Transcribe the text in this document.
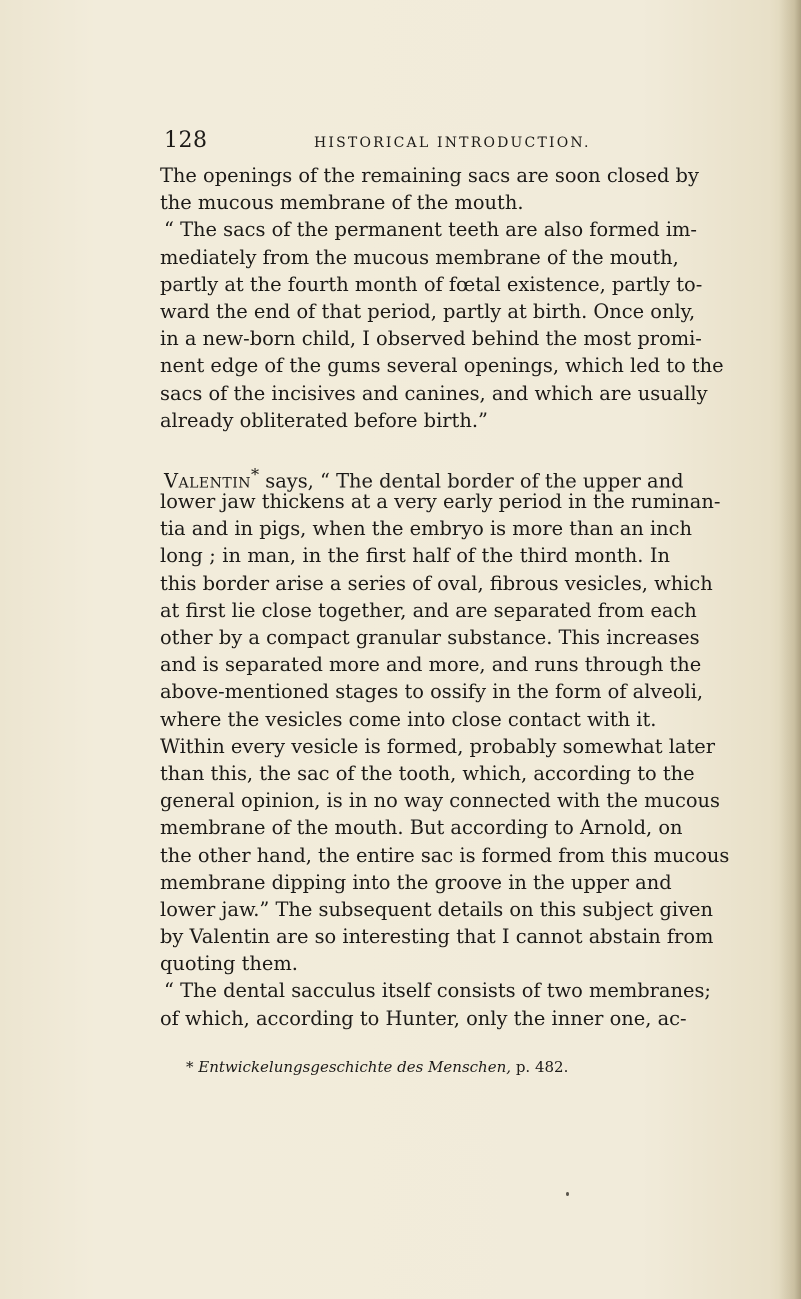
128	HISTORICAL INTRODUCTION.
The openings of the remaining sacs are soon closed by
the mucous membrane of the mouth.
“ The sacs of the permanent teeth are also formed im-
mediately from the mucous membrane of the mouth,
partly at the fourth month of fœtal existence, partly to-
ward the end of that period, partly at birth. Once only,
in a new-born child, I observed behind the most promi-
nent edge of the gums several openings, which led to the
sacs of the incisives and canines, and which are usually
already obliterated before birth.”
Valentin* says, “ The dental border of the upper and
lower jaw thickens at a very early period in the ruminan-
tia and in pigs, when the embryo is more than an inch
long ; in man, in the first half of the third month. In
this border arise a series of oval, fibrous vesicles, which
at first lie close together, and are separated from each
other by a compact granular substance. This increases
and is separated more and more, and runs through the
above-mentioned stages to ossify in the form of alveoli,
where the vesicles come into close contact with it.
Within every vesicle is formed, probably somewhat later
than this, the sac of the tooth, which, according to the
general opinion, is in no way connected with the mucous
membrane of the mouth. But according to Arnold, on
the other hand, the entire sac is formed from this mucous
membrane dipping into the groove in the upper and
lower jaw.” The subsequent details on this subject given
by Valentin are so interesting that I cannot abstain from
quoting them.
“ The dental sacculus itself consists of two membranes;
of which, according to Hunter, only the inner one, ac-
* Entwickelungsgeschichte des Menschen, p. 482.
